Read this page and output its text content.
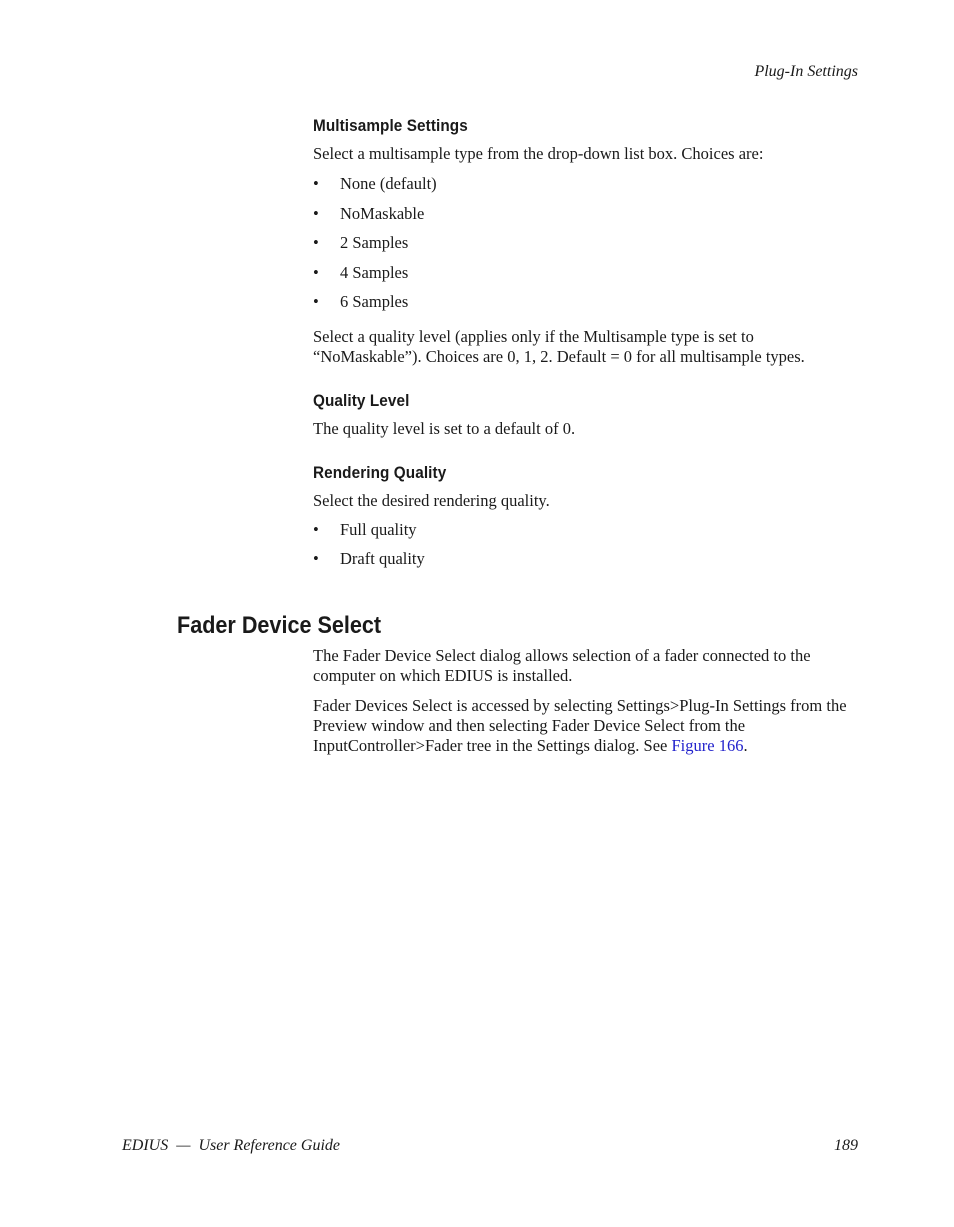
Plug-In Settings
Multisample Settings

Select a multisample type from the drop-down list box. Choices are:

•	None (default)
•	NoMaskable
•	2 Samples
•	4 Samples
•	6 Samples

Select a quality level (applies only if the Multisample type is set to “NoMaskable”). Choices are 0, 1, 2. Default = 0 for all multisample types.

Quality Level

The quality level is set to a default of 0.

Rendering Quality

Select the desired rendering quality.

•	Full quality
•	Draft quality
Fader Device Select

The Fader Device Select dialog allows selection of a fader connected to the computer on which EDIUS is installed.

Fader Devices Select is accessed by selecting Settings>Plug-In Settings from the Preview window and then selecting Fader Device Select from the InputController>Fader tree in the Settings dialog. See Figure 166.

EDIUS  —  User Reference Guide	189
